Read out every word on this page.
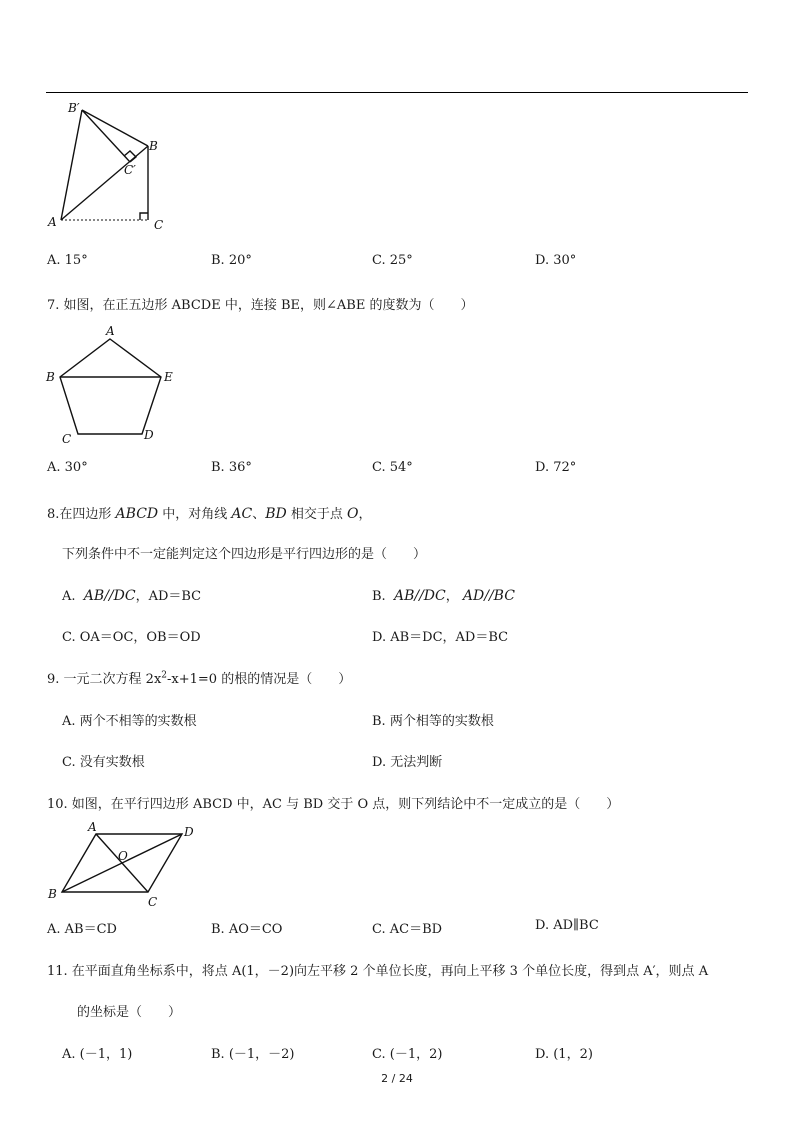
B′
B
C′
A	C
A. 15°	B. 20°	C. 25°	D. 30°
7. 如图，在正五边形 ABCDE 中，连接 BE，则∠ABE 的度数为（　　）
A
B	E
C	D
A. 30°	B. 36°	C. 54°	D. 72°
8.在四边形 ABCD 中，对角线 AC、BD 相交于点 O，
下列条件中不一定能判定这个四边形是平行四边形的是（　　）
A. AB//DC，AD＝BC	B. AB//DC， AD//BC
C. OA＝OC，OB＝OD	D. AB＝DC，AD＝BC
9. 一元二次方程 $2x^2-x+1=0$ 的根的情况是（　　）
A. 两个不相等的实数根	B. 两个相等的实数根
C. 没有实数根	D. 无法判断
10. 如图，在平行四边形 ABCD 中，AC 与 BD 交于 O 点，则下列结论中不一定成立的是（　　）
A	D
O
B
C
A. AB＝CD	B. AO＝CO	C. AC＝BD	D. AD∥BC
11. 在平面直角坐标系中，将点 A(1，－2)向左平移 2 个单位长度，再向上平移 3 个单位长度，得到点 A′，则点 A
的坐标是（　　）
A. (－1，1)	B. (－1，－2)	C. (－1，2)	D. (1，2)
2 / 24
